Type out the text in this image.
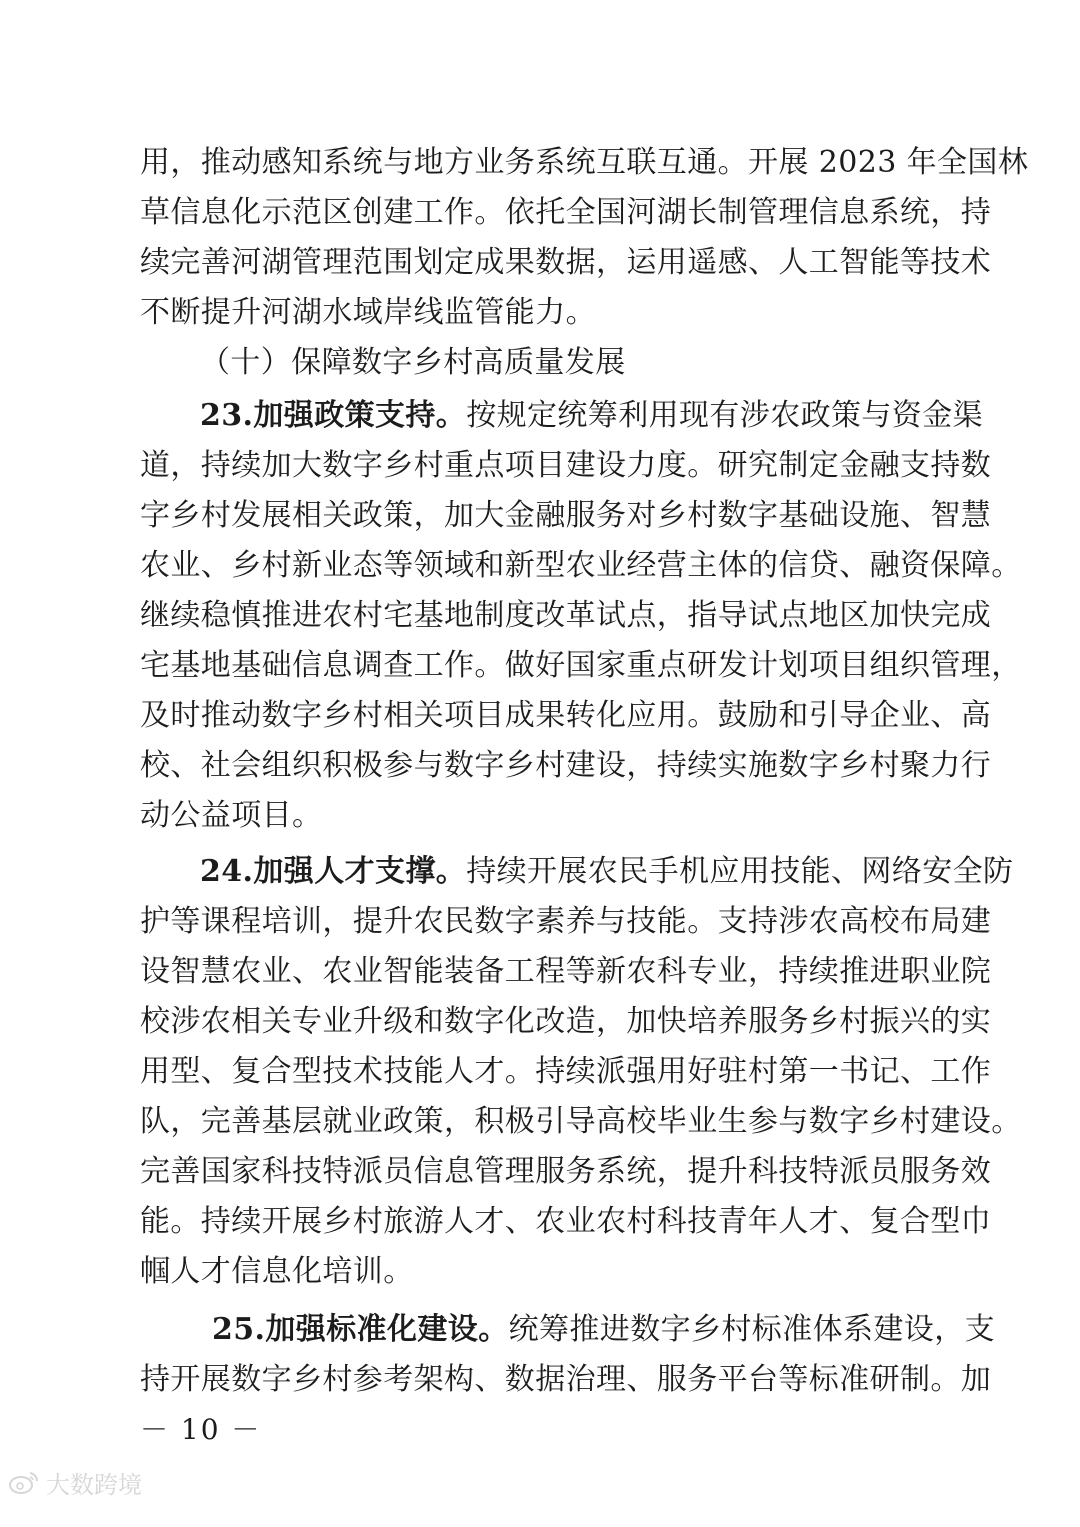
用，推动感知系统与地方业务系统互联互通。开展 2023 年全国林
草信息化示范区创建工作。依托全国河湖长制管理信息系统，持
续完善河湖管理范围划定成果数据，运用遥感、人工智能等技术
不断提升河湖水域岸线监管能力。
（十）保障数字乡村高质量发展
23.加强政策支持。按规定统筹利用现有涉农政策与资金渠
道，持续加大数字乡村重点项目建设力度。研究制定金融支持数
字乡村发展相关政策，加大金融服务对乡村数字基础设施、智慧
农业、乡村新业态等领域和新型农业经营主体的信贷、融资保障。
继续稳慎推进农村宅基地制度改革试点，指导试点地区加快完成
宅基地基础信息调查工作。做好国家重点研发计划项目组织管理，
及时推动数字乡村相关项目成果转化应用。鼓励和引导企业、高
校、社会组织积极参与数字乡村建设，持续实施数字乡村聚力行
动公益项目。
24.加强人才支撑。持续开展农民手机应用技能、网络安全防
护等课程培训，提升农民数字素养与技能。支持涉农高校布局建
设智慧农业、农业智能装备工程等新农科专业，持续推进职业院
校涉农相关专业升级和数字化改造，加快培养服务乡村振兴的实
用型、复合型技术技能人才。持续派强用好驻村第一书记、工作
队，完善基层就业政策，积极引导高校毕业生参与数字乡村建设。
完善国家科技特派员信息管理服务系统，提升科技特派员服务效
能。持续开展乡村旅游人才、农业农村科技青年人才、复合型巾
帼人才信息化培训。
25.加强标准化建设。统筹推进数字乡村标准体系建设，支
持开展数字乡村参考架构、数据治理、服务平台等标准研制。加
－ 10 －
大数跨境
